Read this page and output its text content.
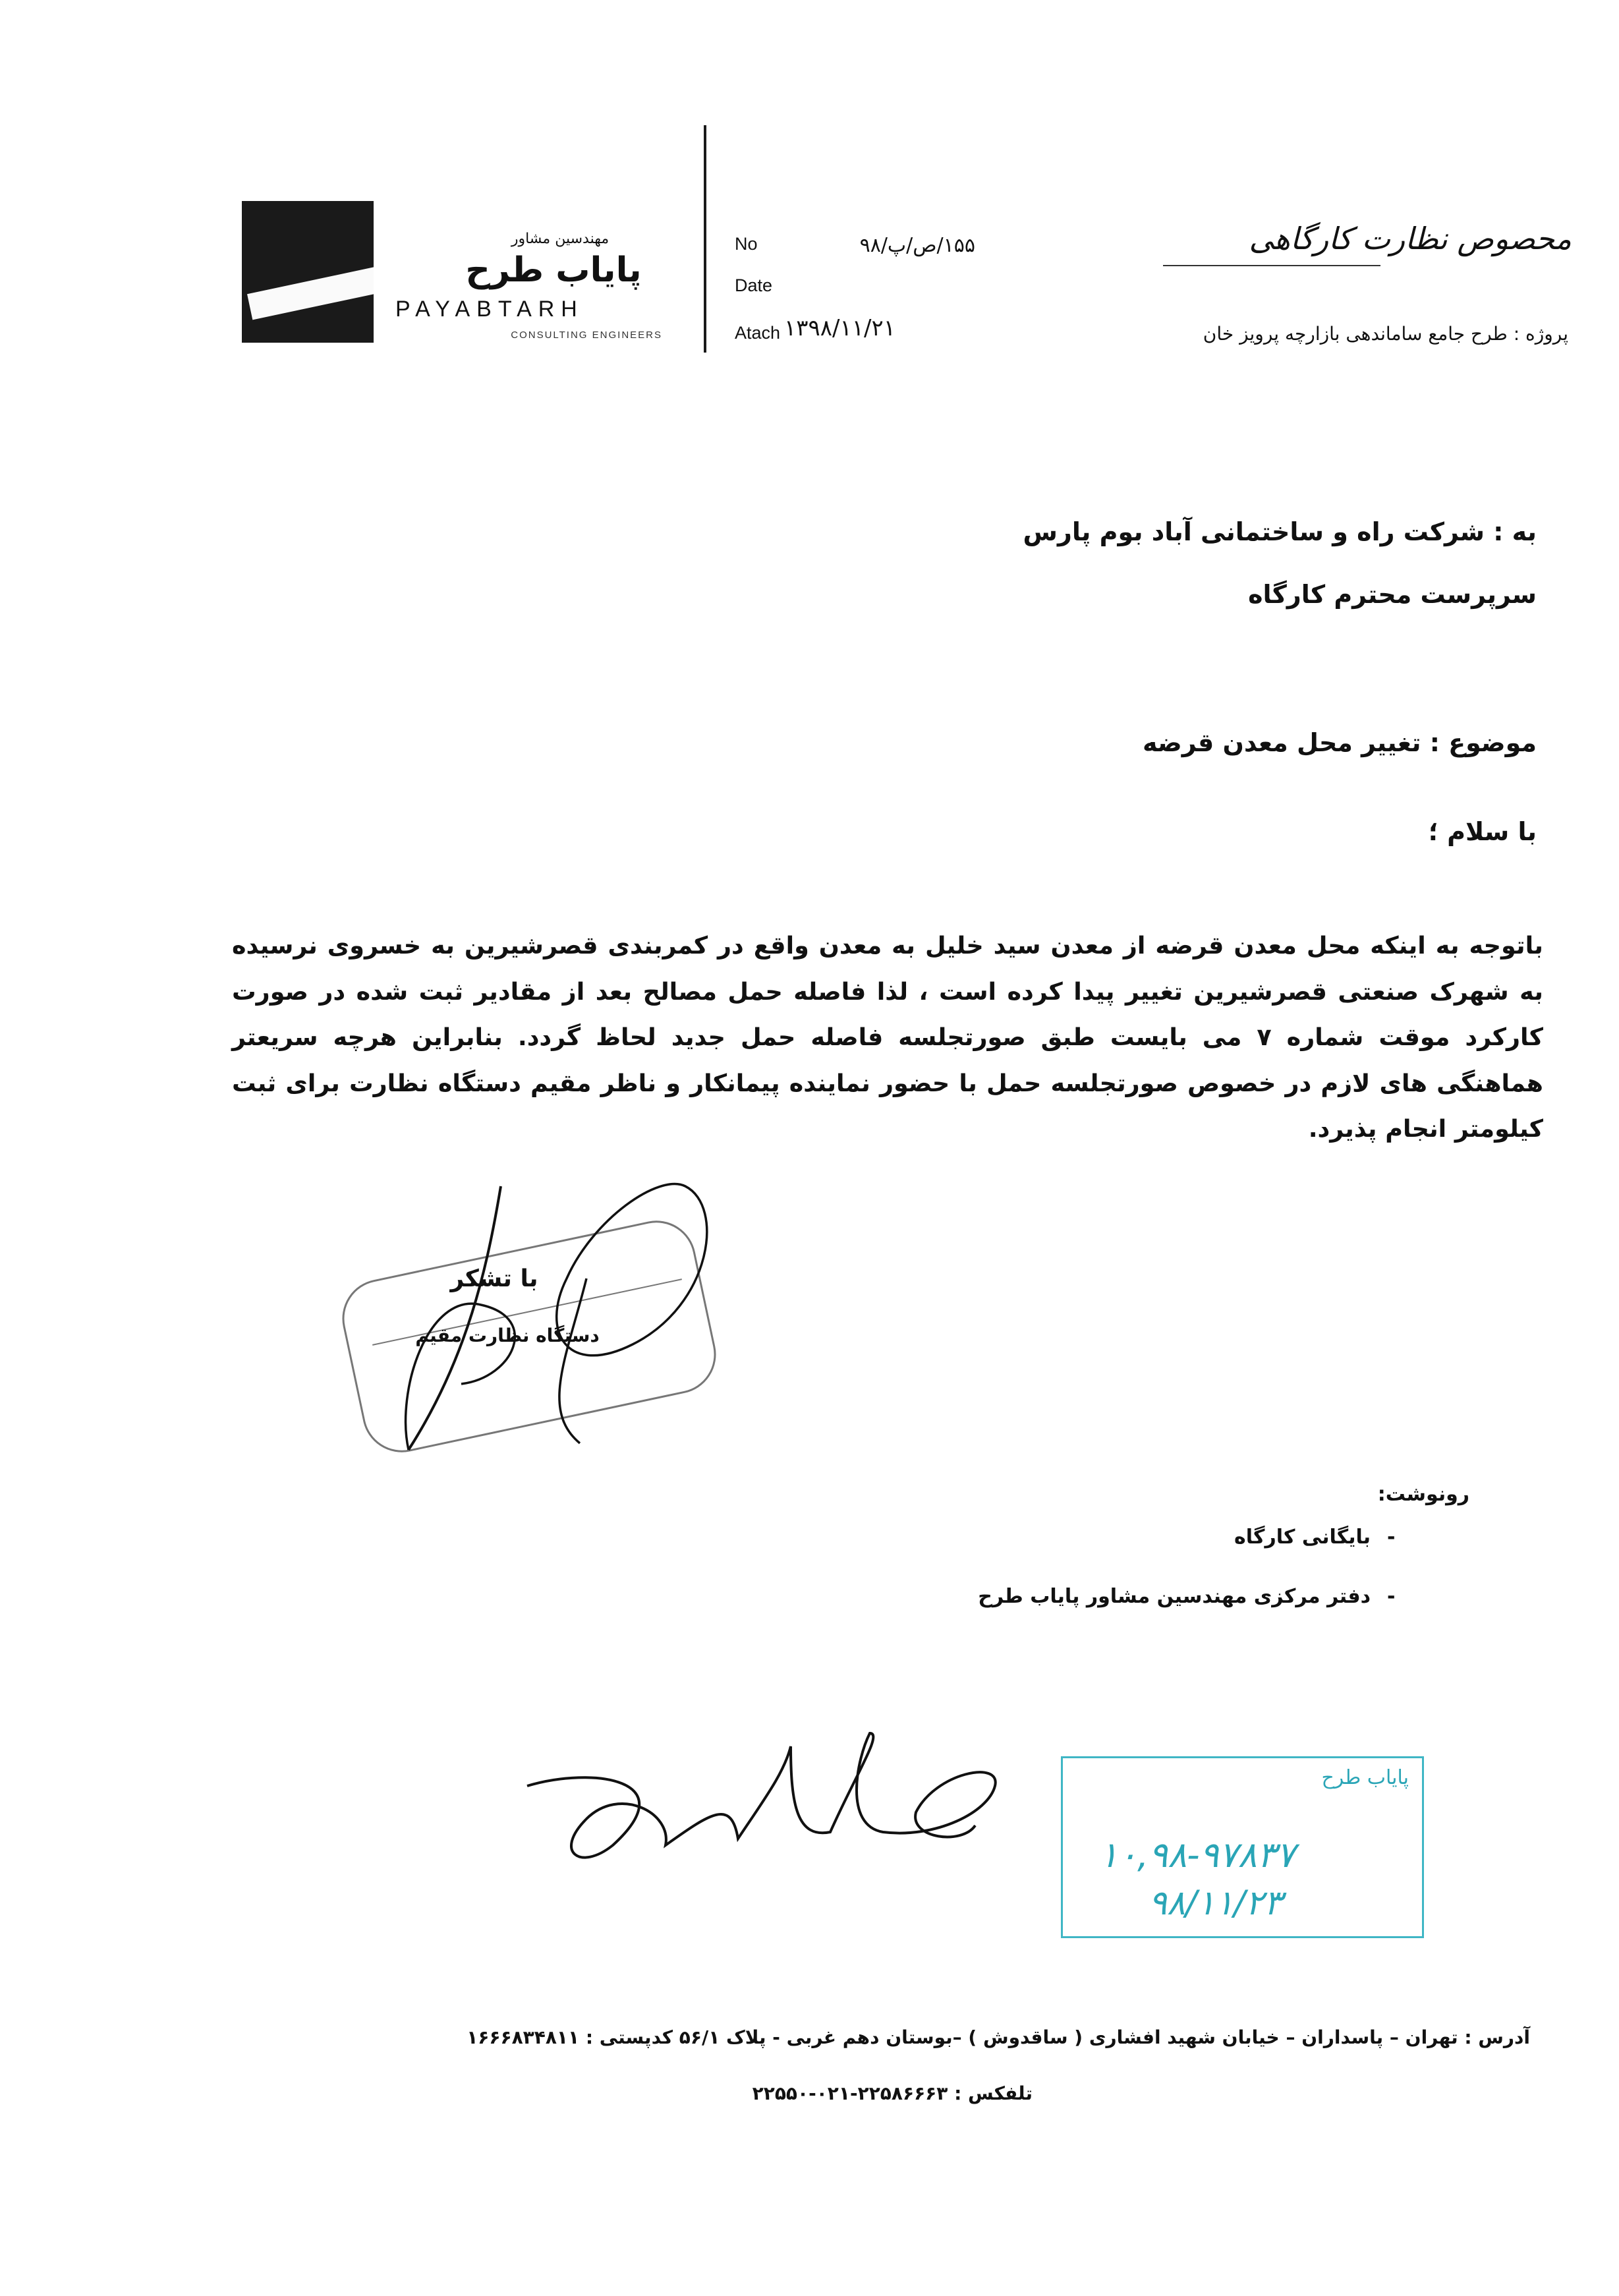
مهندسین مشاور
پایاب طرح
PAYABTARH
CONSULTING ENGINEERS
No
Date
Atach
۱۵۵/ص/پ/۹۸
۱۳۹۸/۱۱/۲۱
محصوص نظارت کارگاهی
پروژه : طرح جامع ساماندهی بازارچه پرویز خان
به : شرکت راه و ساختمانی آباد بوم پارس
سرپرست محترم کارگاه
موضوع : تغییر محل معدن قرضه
با سلام ؛
باتوجه به اینکه محل معدن قرضه از معدن سید خلیل به معدن واقع در کمربندی قصرشیرین به خسروی نرسیده به شهرک صنعتی قصرشیرین تغییر پیدا کرده است ، لذا فاصله حمل مصالح بعد از مقادیر ثبت شده در صورت کارکرد موقت شماره ۷ می بایست طبق صورتجلسه فاصله حمل جدید لحاظ گردد. بنابراین هرچه سریعتر هماهنگی های لازم در خصوص صورتجلسه حمل با حضور نماینده پیمانکار و ناظر مقیم دستگاه نظارت برای ثبت کیلومتر انجام پذیرد.
با تشکر
دستگاه نظارت مقیم
رونوشت:
-
بایگانی کارگاه
-
دفتر مرکزی مهندسین مشاور پایاب طرح
پایاب طرح
۱۰,۹۸-۹۷۸۳۷
۹۸/۱۱/۲۳
آدرس : تهران – پاسداران – خیابان شهید افشاری ( ساقدوش ) –بوستان دهم غربی - پلاک ۵۶/۱ کدپستی : ۱۶۶۶۸۳۴۸۱۱
تلفکس : ۲۲۵۸۶۶۶۳-۰۲۱-۲۲۵۵۰
